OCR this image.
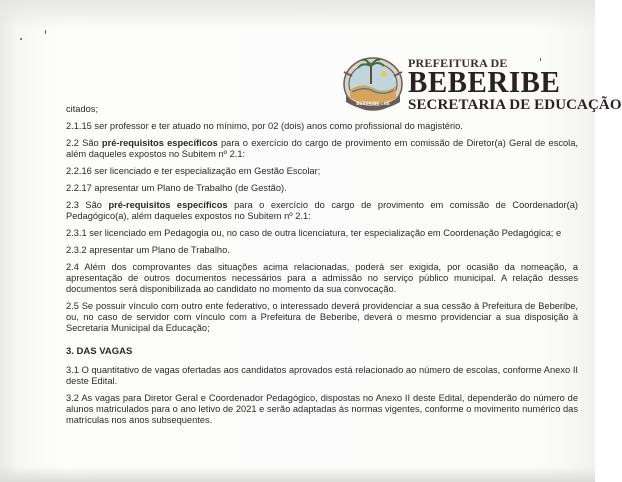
BEBERIBE - CE
PREFEITURA DE
BEBERIBE
SECRETARIA DE EDUCAÇÃO

citados;

2.1.15 ser professor e ter atuado no mínimo, por 02 (dois) anos como profissional do magistério.

2.2 São pré-requisitos específicos para o exercício do cargo de provimento em comissão de Diretor(a) Geral de escola, além daqueles expostos no Subitem nº 2.1:

2.2.16 ser licenciado e ter especialização em Gestão Escolar;

2.2.17 apresentar um Plano de Trabalho (de Gestão).

2.3 São pré-requisitos específicos para o exercício do cargo de provimento em comissão de Coordenador(a) Pedagógico(a), além daqueles expostos no Subitem nº 2.1:

2.3.1 ser licenciado em Pedagogia ou, no caso de outra licenciatura, ter especialização em Coordenação Pedagógica; e

2.3.2 apresentar um Plano de Trabalho.

2.4 Além dos comprovantes das situações acima relacionadas, poderá ser exigida, por ocasião da nomeação, a apresentação de outros documentos necessários para a admissão no serviço público municipal. A relação desses documentos será disponibilizada ao candidato no momento da sua convocação.

2.5 Se possuir vínculo com outro ente federativo, o interessado deverá providenciar a sua cessão à Prefeitura de Beberibe, ou, no caso de servidor com vínculo com a Prefeitura de Beberibe, deverá o mesmo providenciar a sua disposição à Secretaria Municipal da Educação;

3. DAS VAGAS

3.1 O quantitativo de vagas ofertadas aos candidatos aprovados está relacionado ao número de escolas, conforme Anexo II deste Edital.

3.2 As vagas para Diretor Geral e Coordenador Pedagógico, dispostas no Anexo II deste Edital, dependerão do número de alunos matriculados para o ano letivo de 2021 e serão adaptadas às normas vigentes, conforme o movimento numérico das matrículas nos anos subsequentes.
